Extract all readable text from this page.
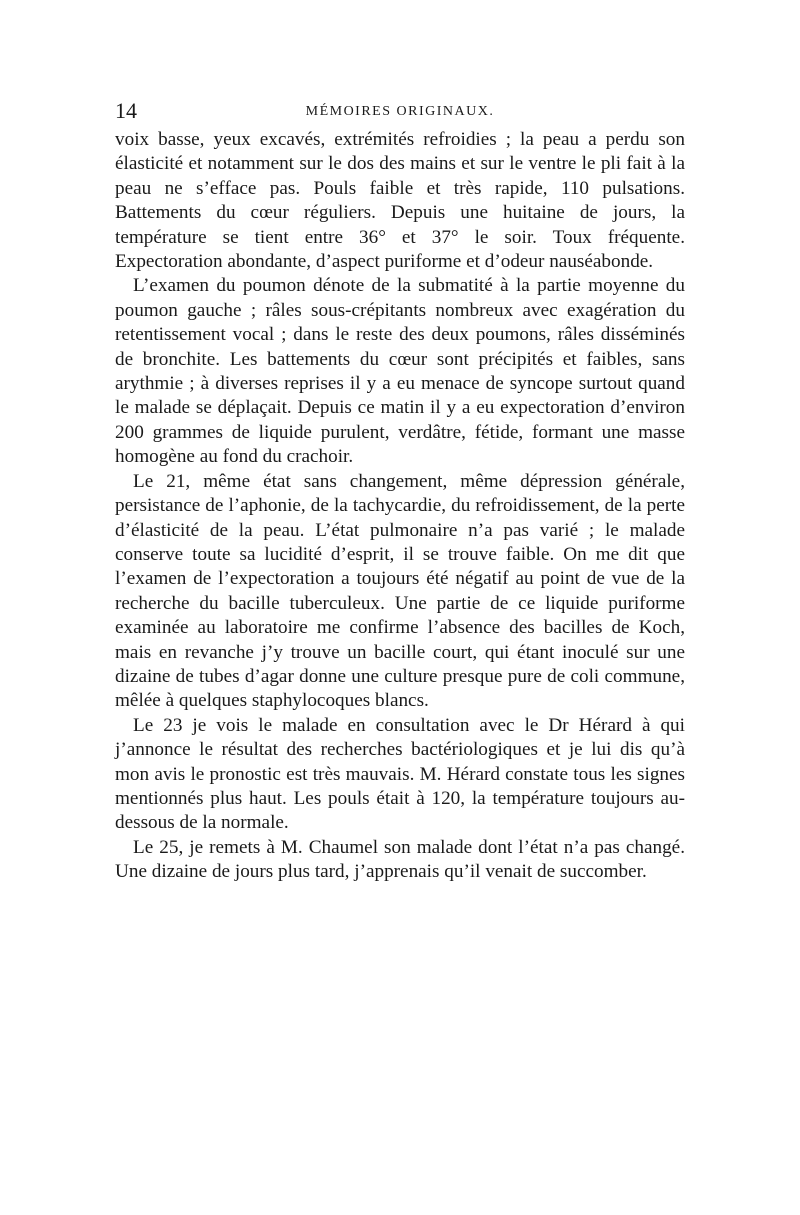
14	MÉMOIRES ORIGINAUX.

voix basse, yeux excavés, extrémités refroidies ; la peau a perdu son élasticité et notamment sur le dos des mains et sur le ventre le pli fait à la peau ne s’efface pas. Pouls faible et très rapide, 110 pulsations. Battements du cœur réguliers. Depuis une huitaine de jours, la température se tient entre 36° et 37° le soir. Toux fréquente. Expectoration abondante, d’aspect puriforme et d’odeur nauséabonde.

L’examen du poumon dénote de la submatité à la partie moyenne du poumon gauche ; râles sous-crépitants nombreux avec exagération du retentissement vocal ; dans le reste des deux poumons, râles disséminés de bronchite. Les battements du cœur sont précipités et faibles, sans arythmie ; à diverses reprises il y a eu menace de syncope surtout quand le malade se déplaçait. Depuis ce matin il y a eu expectoration d’environ 200 grammes de liquide purulent, verdâtre, fétide, formant une masse homogène au fond du crachoir.

Le 21, même état sans changement, même dépression générale, persistance de l’aphonie, de la tachycardie, du refroidissement, de la perte d’élasticité de la peau. L’état pulmonaire n’a pas varié ; le malade conserve toute sa lucidité d’esprit, il se trouve faible. On me dit que l’examen de l’expectoration a toujours été négatif au point de vue de la recherche du bacille tuberculeux. Une partie de ce liquide puriforme examinée au laboratoire me confirme l’absence des bacilles de Koch, mais en revanche j’y trouve un bacille court, qui étant inoculé sur une dizaine de tubes d’agar donne une culture presque pure de coli commune, mêlée à quelques staphylocoques blancs.

Le 23 je vois le malade en consultation avec le Dr Hérard à qui j’annonce le résultat des recherches bactériologiques et je lui dis qu’à mon avis le pronostic est très mauvais. M. Hérard constate tous les signes mentionnés plus haut. Les pouls était à 120, la température toujours au-dessous de la normale.

Le 25, je remets à M. Chaumel son malade dont l’état n’a pas changé. Une dizaine de jours plus tard, j’apprenais qu’il venait de succomber.
